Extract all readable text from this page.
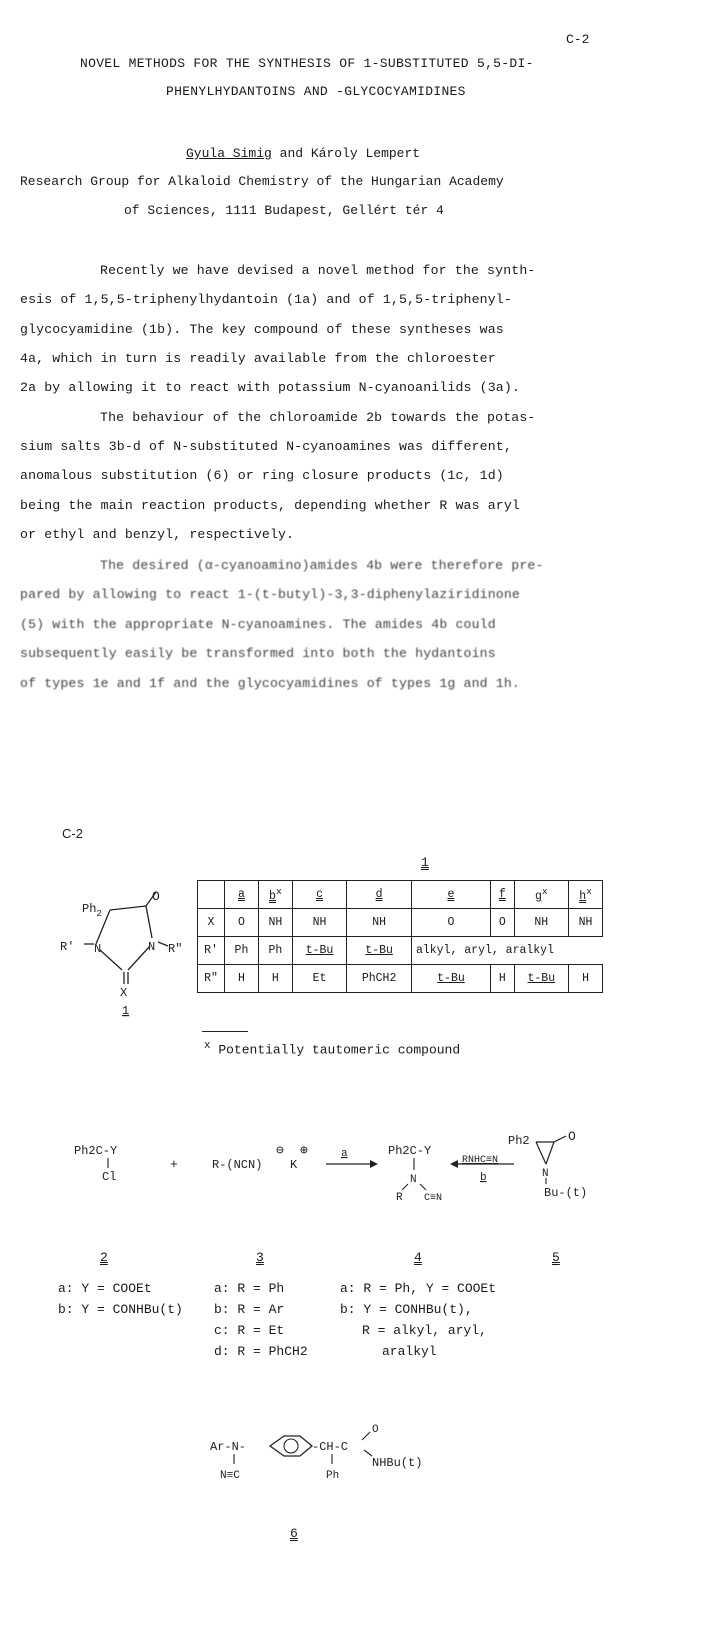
C-2
NOVEL METHODS FOR THE SYNTHESIS OF 1-SUBSTITUTED 5,5-DI-
PHENYLHYDANTOINS AND -GLYCOCYAMIDINES
Gyula Simig and Károly Lempert
Research Group for Alkaloid Chemistry of the Hungarian Academy
of Sciences, 1111 Budapest, Gellért tér 4
Recently we have devised a novel method for the synth-
esis of 1,5,5-triphenylhydantoin (1a) and of 1,5,5-triphenyl-
glycocyamidine (1b). The key compound of these syntheses was
4a, which in turn is readily available from the chloroester
2a by allowing it to react with potassium N-cyanoanilids (3a).
The behaviour of the chloroamide 2b towards the potas-
sium salts 3b-d of N-substituted N-cyanoamines was different,
anomalous substitution (6) or ring closure products (1c, 1d)
being the main reaction products, depending whether R was aryl
or ethyl and benzyl, respectively.
The desired (α-cyanoamino)amides 4b were therefore pre-
pared by allowing to react 1-(t-butyl)-3,3-diphenylaziridinone
(5) with the appropriate N-cyanoamines. The amides 4b could
subsequently easily be transformed into both the hydantoins
of types 1e and 1f and the glycocyamidines of types 1g and 1h.
C-2
1
$Ph_2$
O
R' N	N R"
X
1
	a	$b^x$	c	d	e	f	$g^x$	$h^x$
X	O	NH	NH	NH	O	O	NH	NH
R'	Ph	Ph	t-Bu	t-Bu	alkyl, aryl, aralkyl			
R"	H	H	Et	PhCH2	t-Bu	H	t-Bu	H
$^x$ Potentially tautomeric compound
Ph2C-Y
Cl
+	R-(NCN)
⊖
K
⊕	a	Ph2C-Y
N
R C≡N
RNHC≡N
b
Ph2	O
N
Bu-(t)
2	3	4	5
a: Y = COOEt
b: Y = CONHBu(t)
a: R = Ph
b: R = Ar
c: R = Et
d: R = PhCH2
a: R = Ph, Y = COOEt
b: Y = CONHBu(t),
R = alkyl, aryl,
aralkyl
Ar-N-
N≡C
-CH-C
Ph
O
NHBu(t)
6
